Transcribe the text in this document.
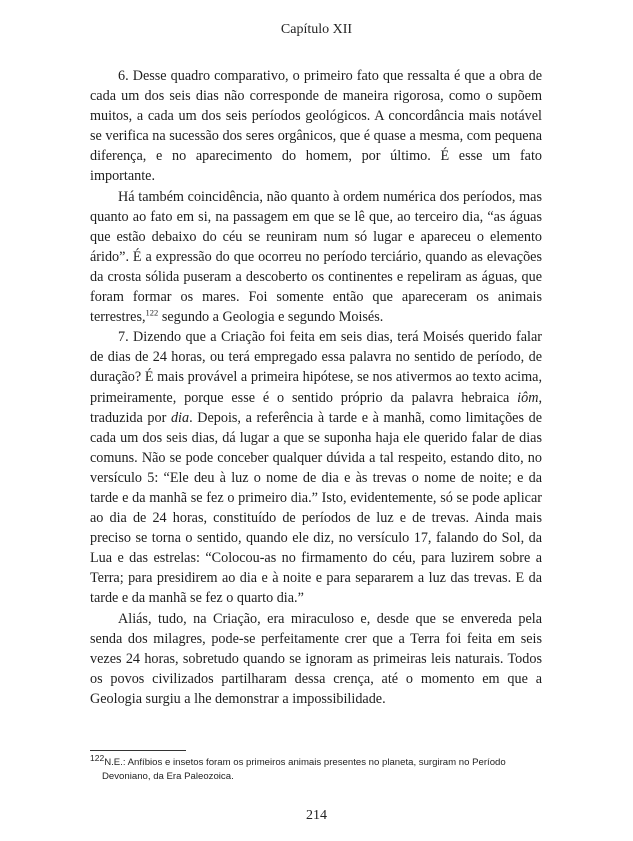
Capítulo XII

6. Desse quadro comparativo, o primeiro fato que ressalta é que a obra de cada um dos seis dias não corresponde de maneira rigorosa, como o supõem muitos, a cada um dos seis períodos geológicos. A concordância mais notável se verifica na sucessão dos seres orgânicos, que é quase a mesma, com pequena diferença, e no aparecimento do homem, por último. É esse um fato importante.

Há também coincidência, não quanto à ordem numérica dos períodos, mas quanto ao fato em si, na passagem em que se lê que, ao terceiro dia, “as águas que estão debaixo do céu se reuniram num só lugar e apareceu o elemento árido”. É a expressão do que ocorreu no período terciário, quando as elevações da crosta sólida puseram a descoberto os continentes e repeliram as águas, que foram formar os mares. Foi somente então que apareceram os animais terrestres,$^{122}$ segundo a Geologia e segundo Moisés.

7. Dizendo que a Criação foi feita em seis dias, terá Moisés querido falar de dias de 24 horas, ou terá empregado essa palavra no sentido de período, de duração? É mais provável a primeira hipótese, se nos ativermos ao texto acima, primeiramente, porque esse é o sentido próprio da palavra hebraica iôm, traduzida por dia. Depois, a referência à tarde e à manhã, como limitações de cada um dos seis dias, dá lugar a que se suponha haja ele querido falar de dias comuns. Não se pode conceber qualquer dúvida a tal respeito, estando dito, no versículo 5: “Ele deu à luz o nome de dia e às trevas o nome de noite; e da tarde e da manhã se fez o primeiro dia.” Isto, evidentemente, só se pode aplicar ao dia de 24 horas, constituído de períodos de luz e de trevas. Ainda mais preciso se torna o sentido, quando ele diz, no versículo 17, falando do Sol, da Lua e das estrelas: “Colocou-as no firmamento do céu, para luzirem sobre a Terra; para presidirem ao dia e à noite e para separarem a luz das trevas. E da tarde e da manhã se fez o quarto dia.”

Aliás, tudo, na Criação, era miraculoso e, desde que se envereda pela senda dos milagres, pode-se perfeitamente crer que a Terra foi feita em seis vezes 24 horas, sobretudo quando se ignoram as primeiras leis naturais. Todos os povos civilizados partilharam dessa crença, até o momento em que a Geologia surgiu a lhe demonstrar a impossibilidade.

122N.E.: Anfíbios e insetos foram os primeiros animais presentes no planeta, surgiram no Período Devoniano, da Era Paleozoica.
214
